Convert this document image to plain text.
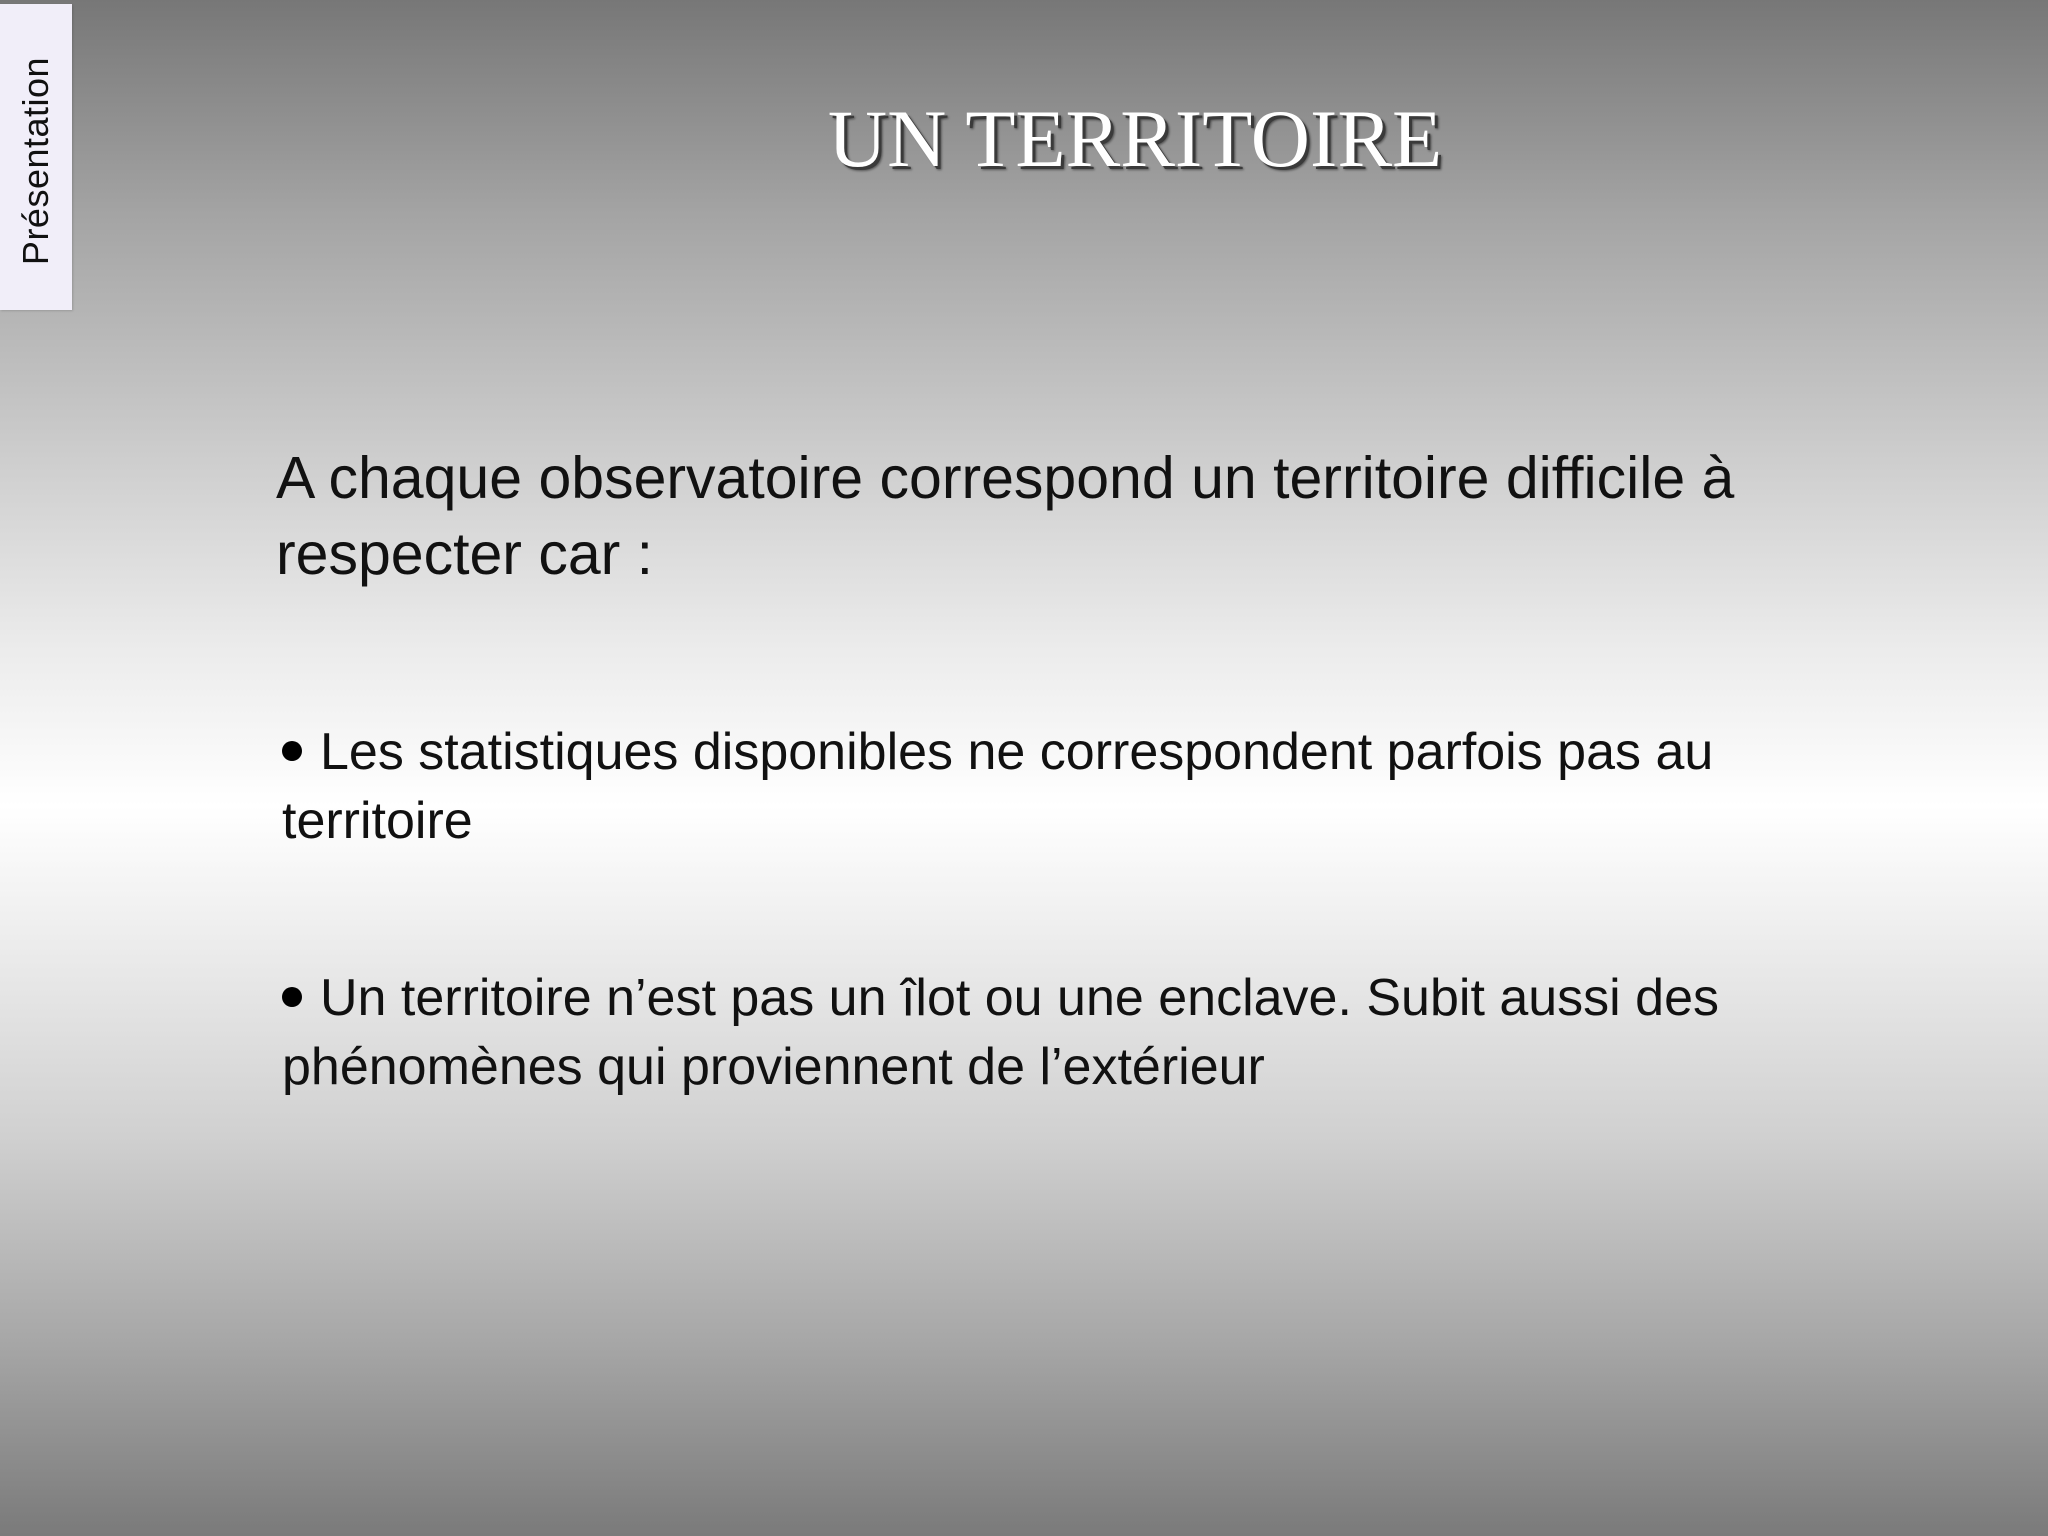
Présentation	UN TERRITOIRE

A chaque observatoire correspond un territoire difficile à respecter car :

Les statistiques disponibles ne correspondent parfois pas au territoire

Un territoire n’est pas un îlot ou une enclave. Subit aussi des phénomènes qui proviennent de l’extérieur
